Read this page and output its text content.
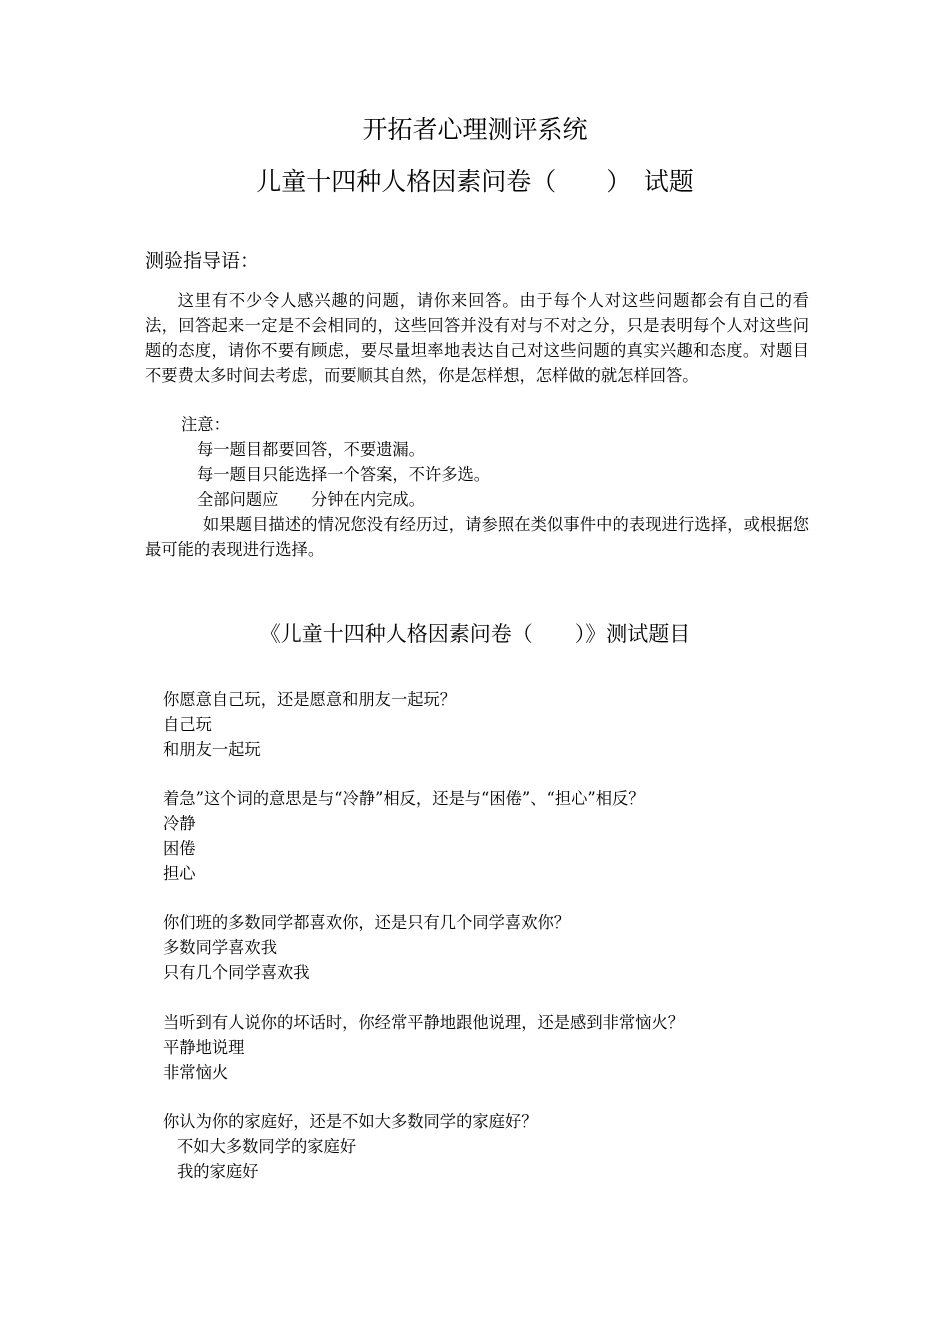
开拓者心理测评系统
儿童十四种人格因素问卷（　　）　试题
测验指导语：

这里有不少令人感兴趣的问题，请你来回答。由于每个人对这些问题都会有自己的看法，回答起来一定是不会相同的，这些回答并没有对与不对之分，只是表明每个人对这些问题的态度，请你不要有顾虑，要尽量坦率地表达自己对这些问题的真实兴趣和态度。对题目不要费太多时间去考虑，而要顺其自然，你是怎样想，怎样做的就怎样回答。

注意：
每一题目都要回答，不要遗漏。
每一题目只能选择一个答案，不许多选。
全部问题应　　分钟在内完成。

如果题目描述的情况您没有经历过，请参照在类似事件中的表现进行选择，或根据您最可能的表现进行选择。

《儿童十四种人格因素问卷（　　）》测试题目
你愿意自己玩，还是愿意和朋友一起玩？
自己玩
和朋友一起玩
着急”这个词的意思是与“冷静”相反，还是与“困倦”、“担心”相反？
冷静
困倦
担心
你们班的多数同学都喜欢你，还是只有几个同学喜欢你？
多数同学喜欢我
只有几个同学喜欢我
当听到有人说你的坏话时，你经常平静地跟他说理，还是感到非常恼火？
平静地说理
非常恼火
你认为你的家庭好，还是不如大多数同学的家庭好？
不如大多数同学的家庭好
我的家庭好
